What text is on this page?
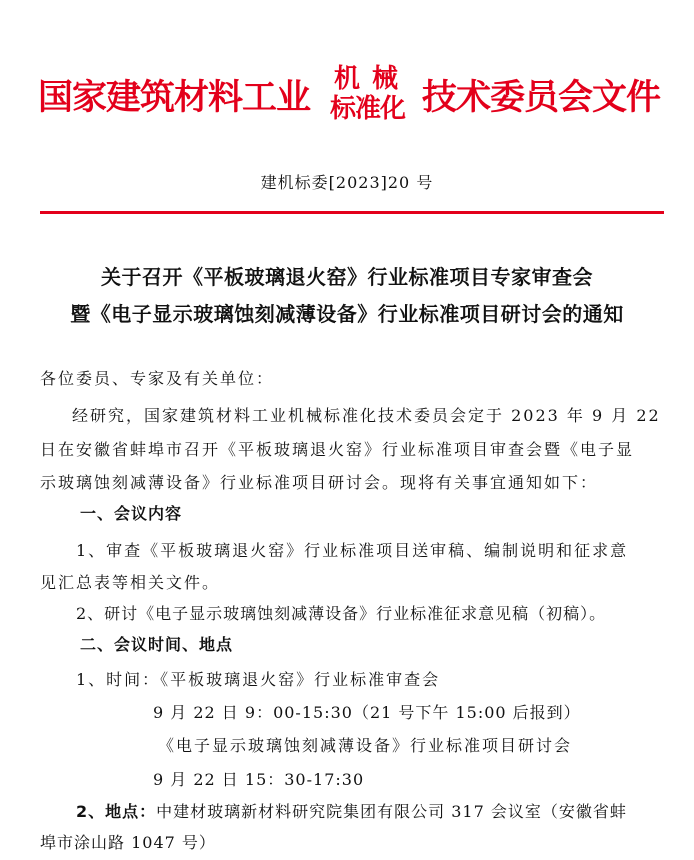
国家建筑材料工业 机械
标准化 技术委员会文件
建机标委[2023]20 号
关于召开《平板玻璃退火窑》行业标准项目专家审查会
暨《电子显示玻璃蚀刻减薄设备》行业标准项目研讨会的通知
各位委员、专家及有关单位：
经研究，国家建筑材料工业机械标准化技术委员会定于 2023 年 9 月 22
日在安徽省蚌埠市召开《平板玻璃退火窑》行业标准项目审查会暨《电子显
示玻璃蚀刻减薄设备》行业标准项目研讨会。现将有关事宜通知如下：
一、会议内容
1、审查《平板玻璃退火窑》行业标准项目送审稿、编制说明和征求意
见汇总表等相关文件。
2、研讨《电子显示玻璃蚀刻减薄设备》行业标准征求意见稿（初稿）。
二、会议时间、地点
1、时间：《平板玻璃退火窑》行业标准审查会
9 月 22 日 9：00-15:30（21 号下午 15:00 后报到）
《电子显示玻璃蚀刻减薄设备》行业标准项目研讨会
9 月 22 日 15：30-17:30
2、地点：中建材玻璃新材料研究院集团有限公司 317 会议室（安徽省蚌
埠市涂山路 1047 号）
